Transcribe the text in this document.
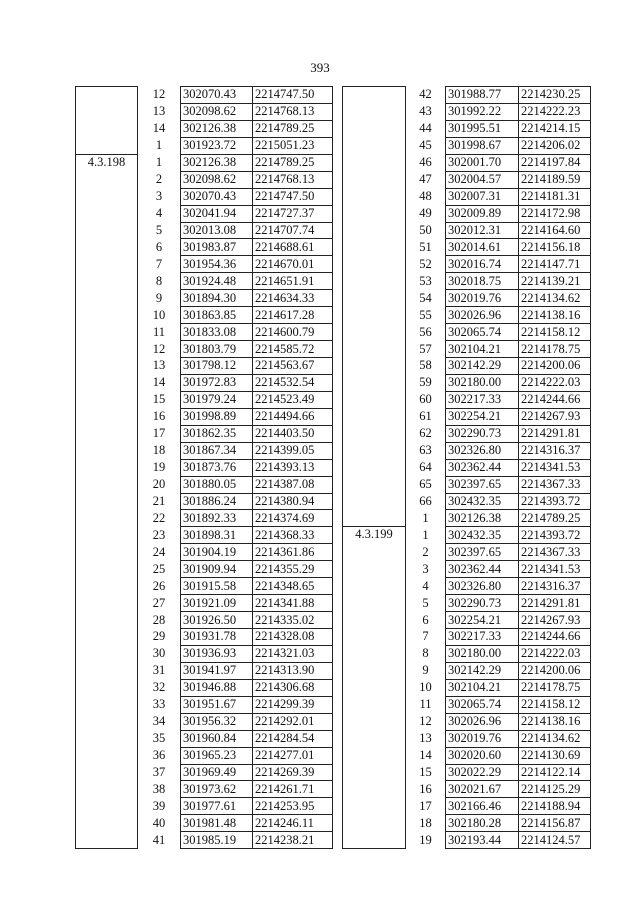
393
	12	302070.43	2214747.50
	13	302098.62	2214768.13
	14	302126.38	2214789.25
	1	301923.72	2215051.23
4.3.198	1	302126.38	2214789.25
	2	302098.62	2214768.13
	3	302070.43	2214747.50
	4	302041.94	2214727.37
	5	302013.08	2214707.74
	6	301983.87	2214688.61
	7	301954.36	2214670.01
	8	301924.48	2214651.91
	9	301894.30	2214634.33
	10	301863.85	2214617.28
	11	301833.08	2214600.79
	12	301803.79	2214585.72
	13	301798.12	2214563.67
	14	301972.83	2214532.54
	15	301979.24	2214523.49
	16	301998.89	2214494.66
	17	301862.35	2214403.50
	18	301867.34	2214399.05
	19	301873.76	2214393.13
	20	301880.05	2214387.08
	21	301886.24	2214380.94
	22	301892.33	2214374.69
	23	301898.31	2214368.33
	24	301904.19	2214361.86
	25	301909.94	2214355.29
	26	301915.58	2214348.65
	27	301921.09	2214341.88
	28	301926.50	2214335.02
	29	301931.78	2214328.08
	30	301936.93	2214321.03
	31	301941.97	2214313.90
	32	301946.88	2214306.68
	33	301951.67	2214299.39
	34	301956.32	2214292.01
	35	301960.84	2214284.54
	36	301965.23	2214277.01
	37	301969.49	2214269.39
	38	301973.62	2214261.71
	39	301977.61	2214253.95
	40	301981.48	2214246.11
	41	301985.19	2214238.21
	42	301988.77	2214230.25
	43	301992.22	2214222.23
	44	301995.51	2214214.15
	45	301998.67	2214206.02
	46	302001.70	2214197.84
	47	302004.57	2214189.59
	48	302007.31	2214181.31
	49	302009.89	2214172.98
	50	302012.31	2214164.60
	51	302014.61	2214156.18
	52	302016.74	2214147.71
	53	302018.75	2214139.21
	54	302019.76	2214134.62
	55	302026.96	2214138.16
	56	302065.74	2214158.12
	57	302104.21	2214178.75
	58	302142.29	2214200.06
	59	302180.00	2214222.03
	60	302217.33	2214244.66
	61	302254.21	2214267.93
	62	302290.73	2214291.81
	63	302326.80	2214316.37
	64	302362.44	2214341.53
	65	302397.65	2214367.33
	66	302432.35	2214393.72
	1	302126.38	2214789.25
4.3.199	1	302432.35	2214393.72
	2	302397.65	2214367.33
	3	302362.44	2214341.53
	4	302326.80	2214316.37
	5	302290.73	2214291.81
	6	302254.21	2214267.93
	7	302217.33	2214244.66
	8	302180.00	2214222.03
	9	302142.29	2214200.06
	10	302104.21	2214178.75
	11	302065.74	2214158.12
	12	302026.96	2214138.16
	13	302019.76	2214134.62
	14	302020.60	2214130.69
	15	302022.29	2214122.14
	16	302021.67	2214125.29
	17	302166.46	2214188.94
	18	302180.28	2214156.87
	19	302193.44	2214124.57
